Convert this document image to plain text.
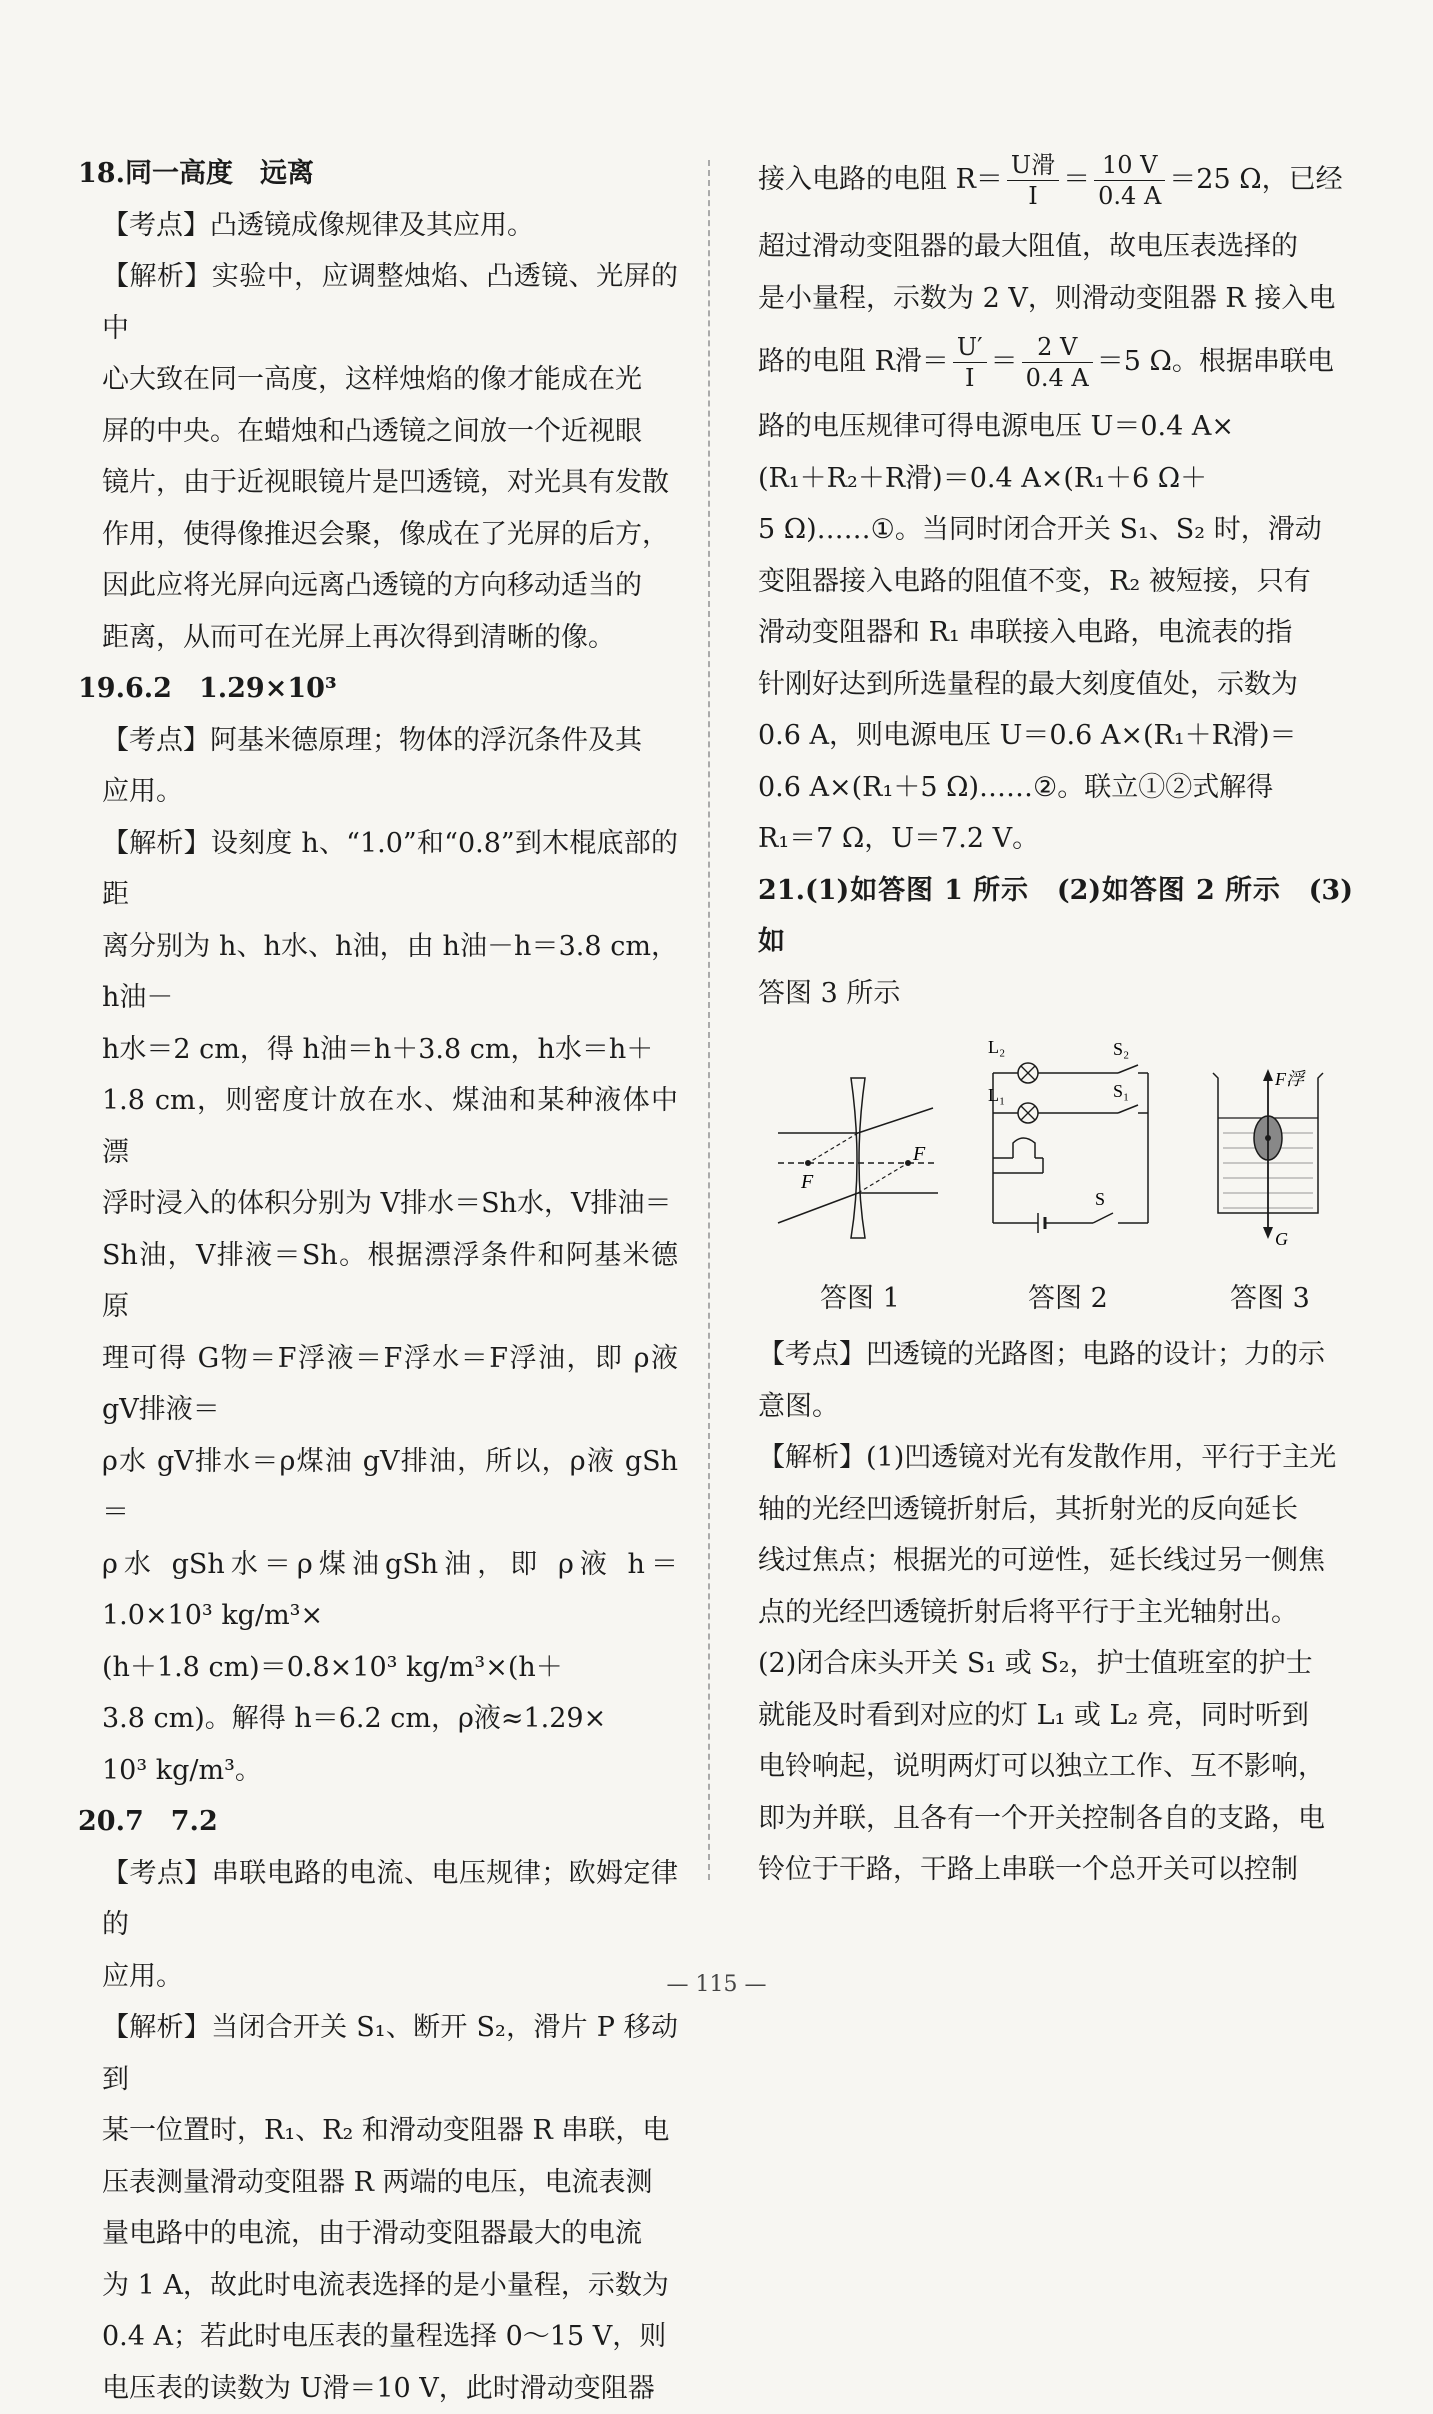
18.同一高度　远离

【考点】凸透镜成像规律及其应用。

【解析】实验中，应调整烛焰、凸透镜、光屏的中

心大致在同一高度，这样烛焰的像才能成在光

屏的中央。在蜡烛和凸透镜之间放一个近视眼

镜片，由于近视眼镜片是凹透镜，对光具有发散

作用，使得像推迟会聚，像成在了光屏的后方，

因此应将光屏向远离凸透镜的方向移动适当的

距离，从而可在光屏上再次得到清晰的像。

19.6.2　1.29×10³

【考点】阿基米德原理；物体的浮沉条件及其

应用。

【解析】设刻度 h、“1.0”和“0.8”到木棍底部的距

离分别为 h、h水、h油，由 h油－h＝3.8 cm，h油－

h水＝2 cm，得 h油＝h＋3.8 cm，h水＝h＋

1.8 cm，则密度计放在水、煤油和某种液体中漂

浮时浸入的体积分别为 V排水＝Sh水，V排油＝

Sh油，V排液＝Sh。根据漂浮条件和阿基米德原

理可得 G物＝F浮液＝F浮水＝F浮油，即 ρ液 gV排液＝

ρ水 gV排水＝ρ煤油 gV排油，所以，ρ液 gSh＝

ρ水 gSh水＝ρ煤油gSh油，即 ρ液 h＝1.0×10³ kg/m³×

(h＋1.8 cm)＝0.8×10³ kg/m³×(h＋

3.8 cm)。解得 h＝6.2 cm，ρ液≈1.29×

10³ kg/m³。

20.7　7.2

【考点】串联电路的电流、电压规律；欧姆定律的

应用。

【解析】当闭合开关 S₁、断开 S₂，滑片 P 移动到

某一位置时，R₁、R₂ 和滑动变阻器 R 串联，电

压表测量滑动变阻器 R 两端的电压，电流表测

量电路中的电流，由于滑动变阻器最大的电流

为 1 A，故此时电流表选择的是小量程，示数为

0.4 A；若此时电压表的量程选择 0～15 V，则

电压表的读数为 U滑＝10 V，此时滑动变阻器

接入电路的电阻 $R= \frac{\text{U滑}}{I} = \frac{10 V}{0.4 A} =25$ Ω，已经

超过滑动变阻器的最大阻值，故电压表选择的

是小量程，示数为 2 V，则滑动变阻器 R 接入电

路的电阻 R滑＝ $\frac{U'}{I} = \frac{2 V}{0.4 A} =5$ Ω。根据串联电

路的电压规律可得电源电压 U＝0.4 A×

(R₁＋R₂＋R滑)＝0.4 A×(R₁＋6 Ω＋

5 Ω)……①。当同时闭合开关 S₁、S₂ 时，滑动

变阻器接入电路的阻值不变，R₂ 被短接，只有

滑动变阻器和 R₁ 串联接入电路，电流表的指

针刚好达到所选量程的最大刻度值处，示数为

0.6 A，则电源电压 U＝0.6 A×(R₁＋R滑)＝

0.6 A×(R₁＋5 Ω)……②。联立①②式解得

R₁＝7 Ω，U＝7.2 V。

21.(1)如答图 1 所示　(2)如答图 2 所示　(3)如

答图 3 所示

F
F
L₂
L₁
S₂
S₁
S
F浮
G
答图 1	答图 2	答图 3

【考点】凹透镜的光路图；电路的设计；力的示

意图。

【解析】(1)凹透镜对光有发散作用，平行于主光

轴的光经凹透镜折射后，其折射光的反向延长

线过焦点；根据光的可逆性，延长线过另一侧焦

点的光经凹透镜折射后将平行于主光轴射出。

(2)闭合床头开关 S₁ 或 S₂，护士值班室的护士

就能及时看到对应的灯 L₁ 或 L₂ 亮，同时听到

电铃响起，说明两灯可以独立工作、互不影响，

即为并联，且各有一个开关控制各自的支路，电

铃位于干路，干路上串联一个总开关可以控制

— 115 —
